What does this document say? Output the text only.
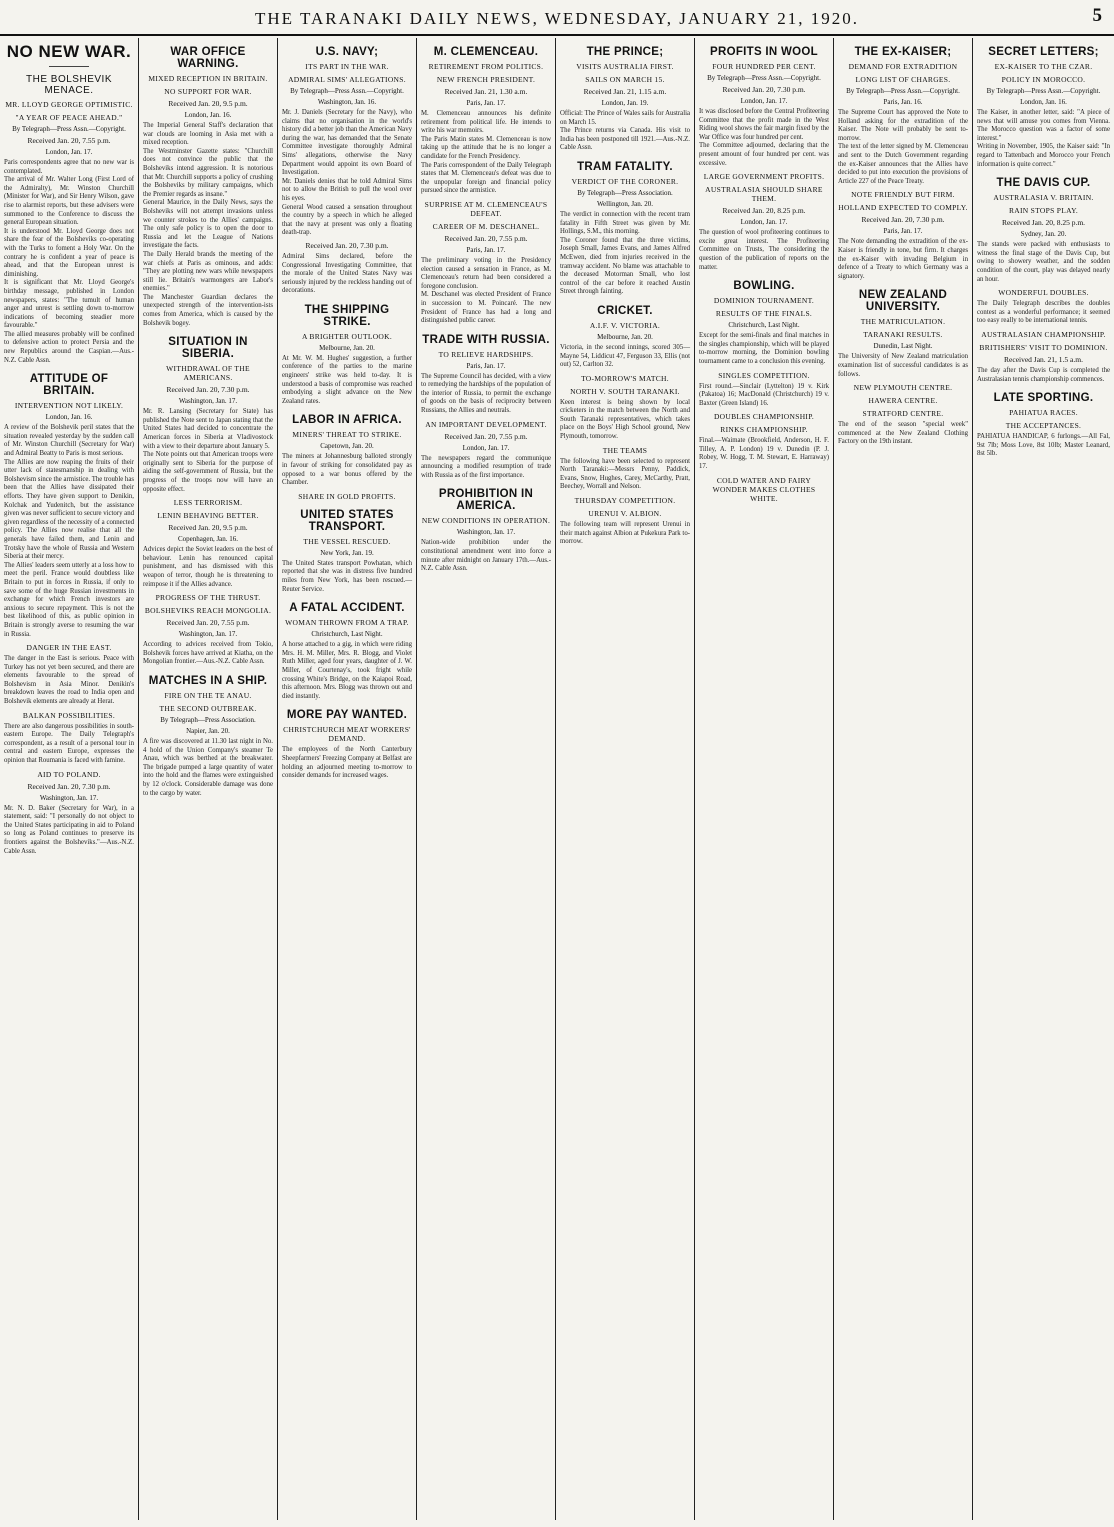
THE TARANAKI DAILY NEWS, WEDNESDAY, JANUARY 21, 1920.	5
NO NEW WAR.
THE BOLSHEVIK MENACE.
MR. LLOYD GEORGE OPTIMISTIC.
"A YEAR OF PEACE AHEAD."
By Telegraph—Press Assn.—Copyright.
Received Jan. 20, 7.55 p.m.
London, Jan. 17.

Paris correspondents agree that no new war is contemplated.

The arrival of Mr. Walter Long (First Lord of the Admiralty), Mr. Winston Churchill (Minister for War), and Sir Henry Wilson, gave rise to alarmist reports, but these advisers were summoned to the Conference to discuss the general European situation.

It is understood Mr. Lloyd George does not share the fear of the Bolsheviks co-operating with the Turks to foment a Holy War. On the contrary he is confident a year of peace is ahead, and that the European unrest is diminishing.

It is significant that Mr. Lloyd George's birthday message, published in London newspapers, states: "The tumult of human anger and unrest is settling down to-morrow indications of becoming steadier more favourable."

The allied measures probably will be confined to defensive action to protect Persia and the new Republics around the Caspian.—Aus.-N.Z. Cable Assn.

ATTITUDE OF BRITAIN.
INTERVENTION NOT LIKELY.
London, Jan. 16.

A review of the Bolshevik peril states that the situation revealed yesterday by the sudden call of Mr. Winston Churchill (Secretary for War) and Admiral Beatty to Paris is most serious.

The Allies are now reaping the fruits of their utter lack of statesmanship in dealing with Bolshevism since the armistice. The trouble has been that the Allies have dissipated their efforts. They have given support to Denikin, Kolchak and Yudenitch, but the assistance given was never sufficient to secure victory and given regardless of the necessity of a connected policy. The Allies now realise that all the generals have failed them, and Lenin and Trotsky have the whole of Russia and Western Siberia at their mercy.

The Allies' leaders seem utterly at a loss how to meet the peril. France would doubtless like Britain to put in forces in Russia, if only to save some of the huge Russian investments in exchange for which French investors are anxious to secure repayment. This is not the best likelihood of this, as public opinion in Britain is strongly averse to resuming the war in Russia.

DANGER IN THE EAST.

The danger in the East is serious. Peace with Turkey has not yet been secured, and there are elements favourable to the spread of Bolshevism in Asia Minor. Denikin's breakdown leaves the road to India open and Bolshevik elements are already at Herat.

BALKAN POSSIBILITIES.

There are also dangerous possibilities in south-eastern Europe. The Daily Telegraph's correspondent, as a result of a personal tour in central and eastern Europe, expresses the opinion that Roumania is faced with famine.

AID TO POLAND.
Received Jan. 20, 7.30 p.m.
Washington, Jan. 17.

Mr. N. D. Baker (Secretary for War), in a statement, said: "I personally do not object to the United States participating in aid to Poland so long as Poland continues to preserve its frontiers against the Bolsheviks."—Aus.-N.Z. Cable Assn.

WAR OFFICE WARNING.
MIXED RECEPTION IN BRITAIN.
NO SUPPORT FOR WAR.
Received Jan. 20, 9.5 p.m.
London, Jan. 16.

The Imperial General Staff's declaration that war clouds are looming in Asia met with a mixed reception.

The Westminster Gazette states: "Churchill does not convince the public that the Bolsheviks intend aggression. It is notorious that Mr. Churchill supports a policy of crushing the Bolsheviks by military campaigns, which the Premier regards as insane."

General Maurice, in the Daily News, says the Bolsheviks will not attempt invasions unless we counter strokes to the Allies' campaigns. The only safe policy is to open the door to Russia and let the League of Nations investigate the facts.

The Daily Herald brands the meeting of the war chiefs at Paris as ominous, and adds: "They are plotting new wars while newspapers still lie. Britain's warmongers are Labor's enemies."

The Manchester Guardian declares the unexpected strength of the intervention-ists comes from America, which is caused by the Bolshevik bogey.

SITUATION IN SIBERIA.
WITHDRAWAL OF THE AMERICANS.
Received Jan. 20, 7.30 p.m.
Washington, Jan. 17.

Mr. R. Lansing (Secretary for State) has published the Note sent to Japan stating that the United States had decided to concentrate the American forces in Siberia at Vladivostock with a view to their departure about January 5.

The Note points out that American troops were originally sent to Siberia for the purpose of aiding the self-government of Russia, but the progress of the troops now will have an opposite effect.

LESS TERRORISM.
LENIN BEHAVING BETTER.
Received Jan. 20, 9.5 p.m.
Copenhagen, Jan. 16.

Advices depict the Soviet leaders on the best of behaviour. Lenin has renounced capital punishment, and has dismissed with this weapon of terror, though he is threatening to reimpose it if the Allies advance.

PROGRESS OF THE THRUST.
BOLSHEVIKS REACH MONGOLIA.
Received Jan. 20, 7.55 p.m.
Washington, Jan. 17.

According to advices received from Tokio, Bolshevik forces have arrived at Kiatha, on the Mongolian frontier.—Aus.-N.Z. Cable Assn.

MATCHES IN A SHIP.
FIRE ON THE TE ANAU.
THE SECOND OUTBREAK.
By Telegraph—Press Association.
Napier, Jan. 20.

A fire was discovered at 11.30 last night in No. 4 hold of the Union Company's steamer Te Anau, which was berthed at the breakwater. The brigade pumped a large quantity of water into the hold and the flames were extinguished by 12 o'clock. Considerable damage was done to the cargo by water.

U.S. NAVY;
ITS PART IN THE WAR.
ADMIRAL SIMS' ALLEGATIONS.
By Telegraph—Press Assn.—Copyright.
Washington, Jan. 16.

Mr. J. Daniels (Secretary for the Navy), who claims that no organisation in the world's history did a better job than the American Navy during the war, has demanded that the Senate Committee investigate thoroughly Admiral Sims' allegations, otherwise the Navy Department would appoint its own Board of Investigation.

Mr. Daniels denies that he told Admiral Sims not to allow the British to pull the wool over his eyes.

General Wood caused a sensation throughout the country by a speech in which he alleged that the navy at present was only a floating death-trap.

Received Jan. 20, 7.30 p.m.

Admiral Sims declared, before the Congressional Investigating Committee, that the morale of the United States Navy was seriously injured by the reckless handing out of decorations.

THE SHIPPING STRIKE.
A BRIGHTER OUTLOOK.
Melbourne, Jan. 20.

At Mr. W. M. Hughes' suggestion, a further conference of the parties to the marine engineers' strike was held to-day. It is understood a basis of compromise was reached embodying a slight advance on the New Zealand rates.

LABOR IN AFRICA.
MINERS' THREAT TO STRIKE.
Capetown, Jan. 20.

The miners at Johannesburg balloted strongly in favour of striking for consolidated pay as opposed to a war bonus offered by the Chamber.

SHARE IN GOLD PROFITS.
UNITED STATES TRANSPORT.
THE VESSEL RESCUED.
New York, Jan. 19.

The United States transport Powhatan, which reported that she was in distress five hundred miles from New York, has been rescued.—Reuter Service.

A FATAL ACCIDENT.
WOMAN THROWN FROM A TRAP.
Christchurch, Last Night.

A horse attached to a gig, in which were riding Mrs. H. M. Miller, Mrs. R. Blogg, and Violet Ruth Miller, aged four years, daughter of J. W. Miller, of Courtenay's, took fright while crossing White's Bridge, on the Kaiapoi Road, this afternoon. Mrs. Blogg was thrown out and died instantly.

MORE PAY WANTED.
CHRISTCHURCH MEAT WORKERS' DEMAND.

The employees of the North Canterbury Sheepfarmers' Freezing Company at Belfast are holding an adjourned meeting to-morrow to consider demands for increased wages.

M. CLEMENCEAU.
RETIREMENT FROM POLITICS.
NEW FRENCH PRESIDENT.
Received Jan. 21, 1.30 a.m.
Paris, Jan. 17.

M. Clemenceau announces his definite retirement from political life. He intends to write his war memoirs.

The Paris Matin states M. Clemenceau is now taking up the attitude that he is no longer a candidate for the French Presidency.

The Paris correspondent of the Daily Telegraph states that M. Clemenceau's defeat was due to the unpopular foreign and financial policy pursued since the armistice.

SURPRISE AT M. CLEMENCEAU'S DEFEAT.
CAREER OF M. DESCHANEL.
Received Jan. 20, 7.55 p.m.
Paris, Jan. 17.

The preliminary voting in the Presidency election caused a sensation in France, as M. Clemenceau's return had been considered a foregone conclusion.

M. Deschanel was elected President of France in succession to M. Poincaré. The new President of France has had a long and distinguished public career.

TRADE WITH RUSSIA.
TO RELIEVE HARDSHIPS.
Paris, Jan. 17.

The Supreme Council has decided, with a view to remedying the hardships of the population of the interior of Russia, to permit the exchange of goods on the basis of reciprocity between Russians, the Allies and neutrals.

AN IMPORTANT DEVELOPMENT.
Received Jan. 20, 7.55 p.m.
London, Jan. 17.

The newspapers regard the communique announcing a modified resumption of trade with Russia as of the first importance.

PROHIBITION IN AMERICA.
NEW CONDITIONS IN OPERATION.
Washington, Jan. 17.

Nation-wide prohibition under the constitutional amendment went into force a minute after midnight on January 17th.—Aus.-N.Z. Cable Assn.

THE PRINCE;
VISITS AUSTRALIA FIRST.
SAILS ON MARCH 15.
Received Jan. 21, 1.15 a.m.
London, Jan. 19.

Official: The Prince of Wales sails for Australia on March 15.

The Prince returns via Canada. His visit to India has been postponed till 1921.—Aus.-N.Z. Cable Assn.

TRAM FATALITY.
VERDICT OF THE CORONER.
By Telegraph—Press Association.
Wellington, Jan. 20.

The verdict in connection with the recent tram fatality in Fifth Street was given by Mr. Hollings, S.M., this morning.

The Coroner found that the three victims, Joseph Small, James Evans, and James Alfred McEwen, died from injuries received in the tramway accident. No blame was attachable to the deceased Motorman Small, who lost control of the car before it reached Austin Street through fainting.

CRICKET.
A.I.F. V. VICTORIA.
Melbourne, Jan. 20.

Victoria, in the second innings, scored 305—Mayne 54, Liddicut 47, Ferguson 33, Ellis (not out) 52, Carlton 32.

TO-MORROW'S MATCH.
NORTH V. SOUTH TARANAKI.

Keen interest is being shown by local cricketers in the match between the North and South Taranaki representatives, which takes place on the Boys' High School ground, New Plymouth, tomorrow.

THE TEAMS

The following have been selected to represent North Taranaki:—Messrs Penny, Paddick, Evans, Snow, Hughes, Carey, McCarthy, Pratt, Beechey, Worrall and Nelson.

THURSDAY COMPETITION.
URENUI V. ALBION.

The following team will represent Urenui in their match against Albion at Pukekura Park to-morrow.

PROFITS IN WOOL
FOUR HUNDRED PER CENT.
By Telegraph—Press Assn.—Copyright.
Received Jan. 20, 7.30 p.m.
London, Jan. 17.

It was disclosed before the Central Profiteering Committee that the profit made in the West Riding wool shows the fair margin fixed by the War Office was four hundred per cent.

The Committee adjourned, declaring that the present amount of four hundred per cent. was excessive.

LARGE GOVERNMENT PROFITS.
AUSTRALASIA SHOULD SHARE THEM.
Received Jan. 20, 8.25 p.m.
London, Jan. 17.

The question of wool profiteering continues to excite great interest. The Profiteering Committee on Trusts, The considering the question of the publication of reports on the matter.

BOWLING.
DOMINION TOURNAMENT.
RESULTS OF THE FINALS.
Christchurch, Last Night.

Except for the semi-finals and final matches in the singles championship, which will be played to-morrow morning, the Dominion bowling tournament came to a conclusion this evening.

SINGLES COMPETITION.

First round.—Sinclair (Lyttelton) 19 v. Kirk (Pakatoa) 16; MacDonald (Christchurch) 19 v. Baxter (Green Island) 16.

DOUBLES CHAMPIONSHIP.
RINKS CHAMPIONSHIP.

Final.—Waimate (Brookfield, Anderson, H. F. Tilley, A. P. London) 19 v. Dunedin (P. J. Robey, W. Hogg, T. M. Stewart, E. Harraway) 17.

COLD WATER AND FAIRY WONDER MAKES CLOTHES WHITE.
THE EX-KAISER;
DEMAND FOR EXTRADITION
LONG LIST OF CHARGES.
By Telegraph—Press Assn.—Copyright.
Paris, Jan. 16.

The Supreme Court has approved the Note to Holland asking for the extradition of the Kaiser. The Note will probably be sent to-morrow.

The text of the letter signed by M. Clemenceau and sent to the Dutch Government regarding the ex-Kaiser announces that the Allies have decided to put into execution the provisions of Article 227 of the Peace Treaty.

NOTE FRIENDLY BUT FIRM.
HOLLAND EXPECTED TO COMPLY.
Received Jan. 20, 7.30 p.m.
Paris, Jan. 17.

The Note demanding the extradition of the ex-Kaiser is friendly in tone, but firm. It charges the ex-Kaiser with invading Belgium in defence of a Treaty to which Germany was a signatory.

NEW ZEALAND UNIVERSITY.
THE MATRICULATION.
TARANAKI RESULTS.
Dunedin, Last Night.

The University of New Zealand matriculation examination list of successful candidates is as follows.

NEW PLYMOUTH CENTRE.
HAWERA CENTRE.
STRATFORD CENTRE.

The end of the season "special week" commenced at the New Zealand Clothing Factory on the 19th instant.

SECRET LETTERS;
EX-KAISER TO THE CZAR.
POLICY IN MOROCCO.
By Telegraph—Press Assn.—Copyright.
London, Jan. 16.

The Kaiser, in another letter, said: "A piece of news that will amuse you comes from Vienna. The Morocco question was a factor of some interest."

Writing in November, 1905, the Kaiser said: "In regard to Tattenbach and Morocco your French information is quite correct."

THE DAVIS CUP.
AUSTRALASIA V. BRITAIN.
RAIN STOPS PLAY.
Received Jan. 20, 8.25 p.m.
Sydney, Jan. 20.

The stands were packed with enthusiasts to witness the final stage of the Davis Cup, but owing to showery weather, and the sodden condition of the court, play was delayed nearly an hour.

WONDERFUL DOUBLES.

The Daily Telegraph describes the doubles contest as a wonderful performance; it seemed too easy really to be international tennis.

AUSTRALASIAN CHAMPIONSHIP.
BRITISHERS' VISIT TO DOMINION.
Received Jan. 21, 1.5 a.m.

The day after the Davis Cup is completed the Australasian tennis championship commences.

LATE SPORTING.
PAHIATUA RACES.
THE ACCEPTANCES.

PAHIATUA HANDICAP, 6 furlongs.—All Fal, 9st 7lb; Moss Love, 8st 10lb; Master Leanard, 8st 5lb.
